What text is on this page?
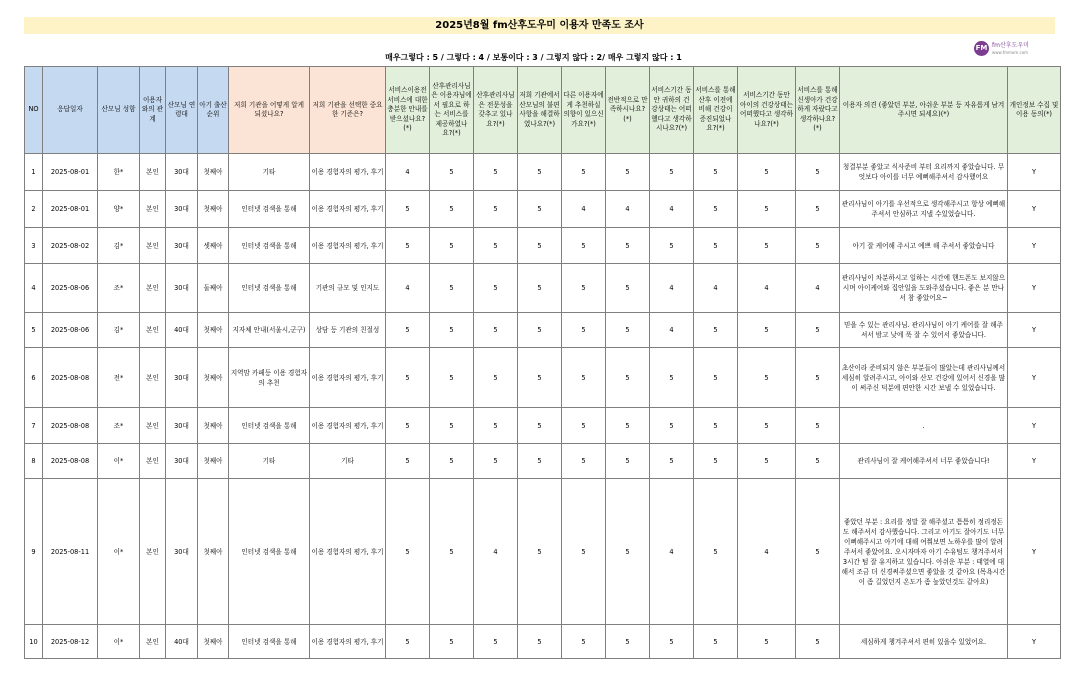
2025년8월 fm산후도우미 이용자 만족도 조사
FM fm산후도우미
www.fmmom.com
매우그렇다 : 5 / 그렇다 : 4 / 보통이다 : 3 / 그렇지 않다 : 2/ 매우 그렇지 않다 : 1
NO	응답일자	산모님 성함	이용자와의 관계	산모님 연령대	아기 출산 순위	저희 기관을 어떻게 알게 되셨나요?	저희 기관을 선택한 중요한 기준은?	서비스이용전 서비스에 대한 충분한 안내를 받으셨나요?(*)	산후관리사님은 이용자님에서 필요로 하는 서비스를 제공하였나요?(*)	산후관리사님은 전문성을 갖추고 있나요?(*)	저희 기관에서 산모님의 불편사항을 해결하였나요?(*)	다른 이용자에게 추천하실 의향이 있으신가요?(*)	전반적으로 만족하시나요?(*)	서비스기간 동안 귀하의 건강상태는 어떠했다고 생각하시나요?(*)	서비스를 통해 산후 이전에 비해 건강이 증진되었나요?(*)	서비스기간 동안 아이의 건강상태는 어떠했다고 생각하나요?(*)	서비스를 통해 신생아가 건강하게 자랐다고 생각하나요?(*)	이용자 의견 (좋았던 부분, 아쉬운 부분 등 자유롭게 남겨 주시면 되세요)(*)	개인정보 수집 및 이용 동의(*)
1	2025-08-01	한*	본인	30대	첫째아	기타	이용 경험자의 평가, 후기	4	5	5	5	5	5	5	5	5	5	청결부분 좋았고 식사준비 부터 요리까지 좋았습니다. 무엇보다 아이를 너무 예뻐해주셔서 감사했어요	Y
2	2025-08-01	양*	본인	30대	첫째아	인터넷 검색을 통해	이용 경험자의 평가, 후기	5	5	5	5	4	4	4	5	5	5	관리사님이 아기를 우선적으로 생각해주시고 항상 예뻐해주셔서 안심하고 지낼 수있었습니다.	Y
3	2025-08-02	김*	본인	30대	셋째아	인터넷 검색을 통해	이용 경험자의 평가, 후기	5	5	5	5	5	5	5	5	5	5	아기 잘 케어해 주시고 예쁘 해 주셔서 좋았습니다	Y
4	2025-08-06	조*	본인	30대	둘째아	인터넷 검색을 통해	기관의 규모 및 인지도	4	5	5	5	5	5	4	4	4	4	관리사님이 차분하시고 일하는 시간에 핸드폰도 보지않으시며 아이케어와 집안일을 도와주셨습니다. 좋은 분 만나서 참 좋았어요~	Y
5	2025-08-06	김*	본인	40대	첫째아	지자체 안내(서울시,군구)	상담 등 기관의 친절성	5	5	5	5	5	5	4	5	5	5	믿을 수 있는 관리사님. 관리사님이 아기 케어를 잘 해주셔서 밤고 낮에 푹 잘 수 있어서 좋았습니다.	Y
6	2025-08-08	전*	본인	30대	첫째아	지역맘 카페등 이용 경험자의 추천	이용 경험자의 평가, 후기	5	5	5	5	5	5	5	5	5	5	초산이라 준비되지 않은 부분들이 많았는데 관리사님께서 세심히 알려주시고, 아이와 산모 건강에 있어서 신경을 많이 써주신 덕분에 편안한 시간 보낼 수 있었습니다.	Y
7	2025-08-08	조*	본인	30대	첫째아	인터넷 검색을 통해	이용 경험자의 평가, 후기	5	5	5	5	5	5	5	5	5	5	.	Y
8	2025-08-08	이*	본인	30대	첫째아	기타	기타	5	5	5	5	5	5	5	5	5	5	관리사님이 잘 케어해주셔서 너무 좋았습니다!	Y
9	2025-08-11	이*	본인	30대	첫째아	인터넷 검색을 통해	이용 경험자의 평가, 후기	5	5	4	5	5	5	4	5	4	5	좋았던 부분 : 요리를 정말 잘 해주셨고 틈틈히 정리정돈도 해주셔서 감사했습니다. 그리고 아기도 잘아기도 너무 이뻐해주시고 아기에 대해 여쭤보면 노하우를 많이 알려주셔서 좋았어요. 오시자마자 아기 수유텀도 챙겨주셔서 3시간 텀 잘 유지하고 있습니다. 아쉬운 부분 : 태열에 대해서 조금 더 신경써주셨으면 좋았을 것 같아요 (목욕시간이 좀 길었던지 온도가 좀 높았던것도 같아요)	Y
10	2025-08-12	이*	본인	40대	첫째아	인터넷 검색을 통해	이용 경험자의 평가, 후기	5	5	5	5	5	5	5	5	5	5	세심하게 챙겨주셔서 편히 있을수 있었어요.	Y
